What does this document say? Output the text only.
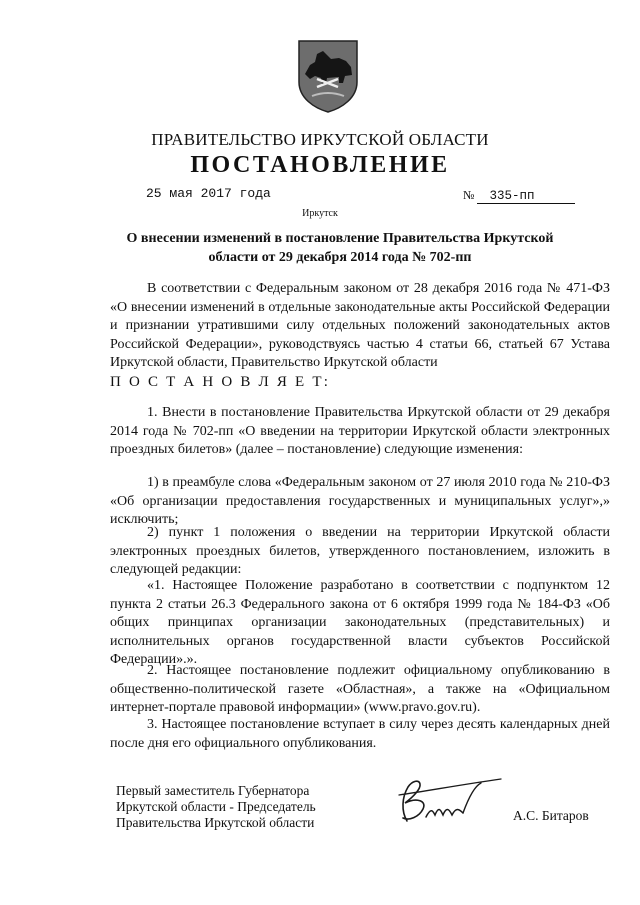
ПРАВИТЕЛЬСТВО ИРКУТСКОЙ ОБЛАСТИ
ПОСТАНОВЛЕНИЕ
25 мая 2017 года	№ 335-пп
Иркутск
О внесении изменений в постановление Правительства Иркутской
области от 29 декабря 2014 года № 702-пп

В соответствии с Федеральным законом от 28 декабря 2016 года № 471-ФЗ «О внесении изменений в отдельные законодательные акты Российской Федерации и признании утратившими силу отдельных положений законодательных актов Российской Федерации», руководствуясь частью 4 статьи 66, статьей 67 Устава Иркутской области, Правительство Иркутской области

П О С Т А Н О В Л Я Е Т:

1. Внести в постановление Правительства Иркутской области от 29 декабря 2014 года № 702-пп «О введении на территории Иркутской области электронных проездных билетов» (далее – постановление) следующие изменения:

1) в преамбуле слова «Федеральным законом от 27 июля 2010 года № 210-ФЗ «Об организации предоставления государственных и муниципальных услуг»,» исключить;

2) пункт 1 положения о введении на территории Иркутской области электронных проездных билетов, утвержденного постановлением, изложить в следующей редакции:

«1. Настоящее Положение разработано в соответствии с подпунктом 12 пункта 2 статьи 26.3 Федерального закона от 6 октября 1999 года № 184-ФЗ «Об общих принципах организации законодательных (представительных) и исполнительных органов государственной власти субъектов Российской Федерации».».

2. Настоящее постановление подлежит официальному опубликованию в общественно-политической газете «Областная», а также на «Официальном интернет-портале правовой информации» (www.pravo.gov.ru).

3. Настоящее постановление вступает в силу через десять календарных дней после дня его официального опубликования.

Первый заместитель Губернатора
Иркутской области - Председатель
Правительства Иркутской области	А.С. Битаров
